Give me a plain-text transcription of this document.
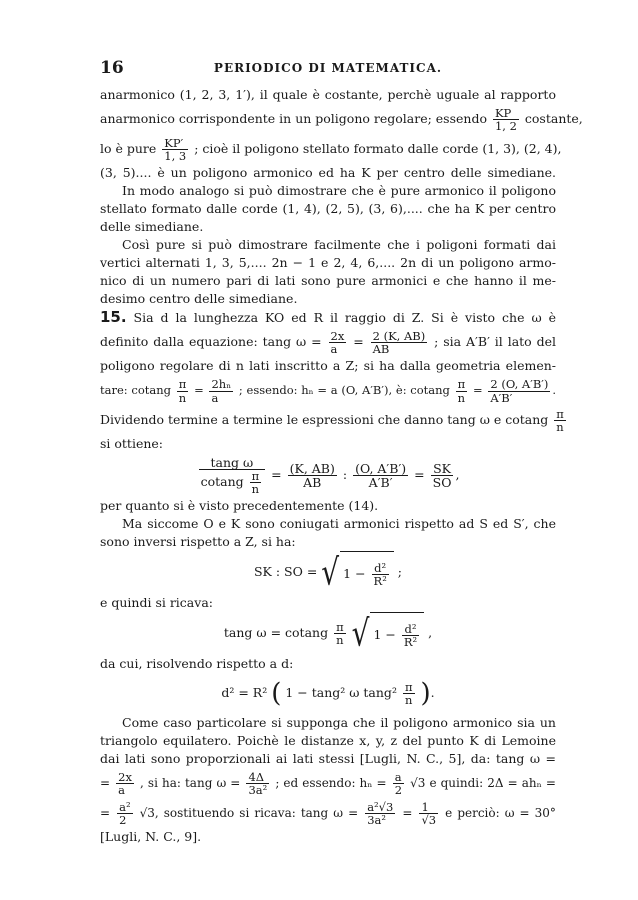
16	PERIODICO DI MATEMATICA.
anarmonico (1, 2, 3, 1′), il quale è costante, perchè uguale al rapporto
anarmonico corrispondente in un poligono regolare; essendo $\frac{KP}{1, 2}$ costante,
lo è pure $\frac{KP'}{1, 3}$ ; cioè il poligono stellato formato dalle corde (1, 3), (2, 4),
(3, 5).... è un poligono armonico ed ha K per centro delle simediane.
In modo analogo si può dimostrare che è pure armonico il poligono
stellato formato dalle corde (1, 4), (2, 5), (3, 6),.... che ha K per centro
delle simediane.
Così pure si può dimostrare facilmente che i poligoni formati dai
vertici alternati 1, 3, 5,.... 2n − 1 e 2, 4, 6,.... 2n di un poligono armo-
nico di un numero pari di lati sono pure armonici e che hanno il me-
desimo centro delle simediane.
15. Sia d la lunghezza KO ed R il raggio di Z. Si è visto che ω è
definito dalla equazione: tang $\omega = \frac{2x}{a} = \frac{2 (K, AB)}{AB}$ ; sia A′B′ il lato del
poligono regolare di n lati inscritto a Z; si ha dalla geometria elemen-
tare: cotang $\frac{\pi}{n} = \frac{\text{2hₙ}}{a}$ ; essendo: hₙ = a (O, A′B′), è: cotang $\frac{\pi}{n} = \frac{2 (O, A'B')}{A'B'}$ .
Dividendo termine a termine le espressioni che danno tang ω e cotang $\frac{\pi}{n}$
si ottiene:
$\frac{\text{tang ω}}{cotang \frac{\pi}{n}} = \frac{(K, AB)}{AB}$ : $\frac{(O, A'B')}{A'B'} = \frac{SK}{SO}$ ,
per quanto si è visto precedentemente (14).
Ma siccome O e K sono coniugati armonici rispetto ad S ed S′, che
sono inversi rispetto a Z, si ha:
SK : SO = √ 1 −
$\frac{\text{d²}}{\text{R²}}$ ;
e quindi si ricava:
tang ω = cotang $\frac{\pi}{n}$
√ 1 −
$\frac{\text{d²}}{\text{R²}}$ ,
da cui, risolvendo rispetto a d:
d² = R² ( 1 − tang² ω $\tan g^2 \frac{\pi}{n}$ ).
Come caso particolare si supponga che il poligono armonico sia un
triangolo equilatero. Poichè le distanze x, y, z del punto K di Lemoine
dai lati sono proporzionali ai lati stessi [Lugli, N. C., 5], da: tang ω =
= $\frac{2x}{a}$ , si ha: tang $\omega = \frac{4\Delta}{\text{3a²}}$ ; ed essendo: $h_n = \frac{a}{2} √3$ e quindi: 2Δ = ahₙ =
= $\frac{\text{a²}}{2} √3$, sostituendo si ricava: tang $\omega = \frac{\text{a²√3}}{\text{3a²}} = \frac{1}{√3}$ e perciò: ω = 30°
[Lugli, N. C., 9].
